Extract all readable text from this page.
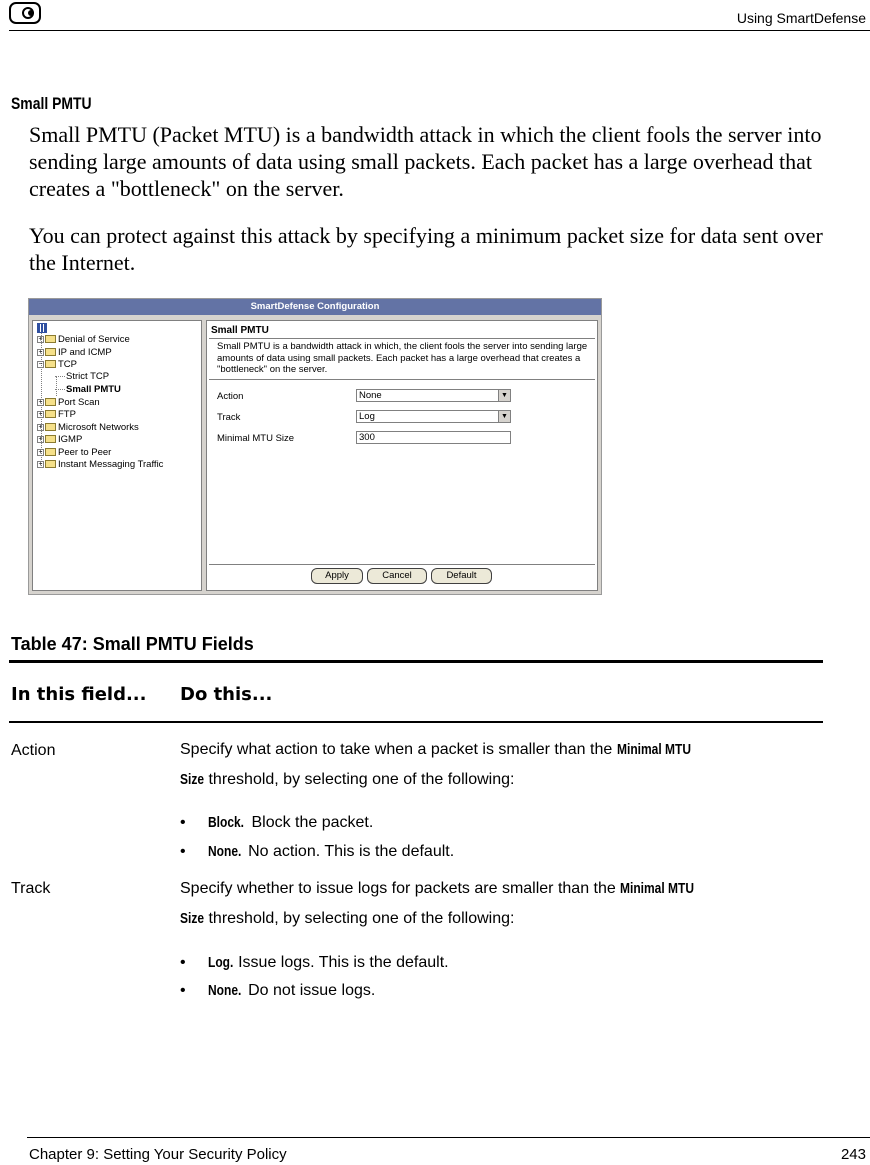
Using SmartDefense
Small PMTU
Small PMTU (Packet MTU) is a bandwidth attack in which the client fools the server into sending large amounts of data using small packets. Each packet has a large overhead that creates a "bottleneck" on the server.
You can protect against this attack by specifying a minimum packet size for data sent over the Internet.
SmartDefense Configuration
+ Denial of Service
+ IP and ICMP
− TCP
Strict TCP
Small PMTU
+ Port Scan
+ FTP
+ Microsoft Networks
+ IGMP
+ Peer to Peer
+ Instant Messaging Traffic
Small PMTU
Small PMTU is a bandwidth attack in which, the client fools the server into sending large amounts of data using small packets. Each packet has a large overhead that creates a "bottleneck" on the server.
Action	None	▼
Track	Log	▼
Minimal MTU Size	300
Apply	Cancel	Default
Table 47: Small PMTU Fields
In this field... Do this...
Action	Specify what action to take when a packet is smaller than the Minimal MTU
Size threshold, by selecting one of the following:
• Block. Block the packet.
• None. No action. This is the default.
Track	Specify whether to issue logs for packets are smaller than the Minimal MTU
Size threshold, by selecting one of the following:
• Log. Issue logs. This is the default.
• None. Do not issue logs.
Chapter 9: Setting Your Security Policy	243
